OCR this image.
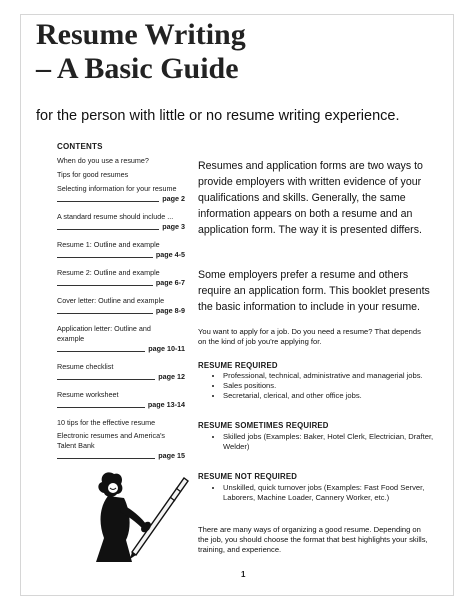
Resume Writing
– A Basic Guide
for the person with little or no resume writing experience.
CONTENTS
When do you use a resume?
Tips for good resumes
Selecting information for your resume
page 2
A standard resume should include ...
page 3
Resume 1: Outline and example
page 4-5
Resume 2: Outline and example
page 6-7
Cover letter: Outline and example
page 8-9
Application letter: Outline and example
page 10-11
Resume checklist
page 12
Resume worksheet
page 13-14
10 tips for the effective resume
Electronic resumes and America's Talent Bank
page 15
Resumes and application forms are two ways to provide employers with written evidence of your qualifications and skills. Generally, the same information appears on both a resume and an application form. The way it is presented differs.
Some employers prefer a resume and others require an application form. This booklet presents the basic information to include in your resume.
You want to apply for a job. Do you need a resume? That depends on the kind of job you're applying for.
RESUME REQUIRED
• Professional, technical, administrative and managerial jobs.
• Sales positions.
• Secretarial, clerical, and other office jobs.
RESUME SOMETIMES REQUIRED
• Skilled jobs (Examples: Baker, Hotel Clerk, Electrician, Drafter, Welder)
RESUME NOT REQUIRED
• Unskilled, quick turnover jobs (Examples: Fast Food Server, Laborers, Machine Loader, Cannery Worker, etc.)
There are many ways of organizing a good resume. Depending on the job, you should choose the format that best highlights your skills, training, and experience.
1
